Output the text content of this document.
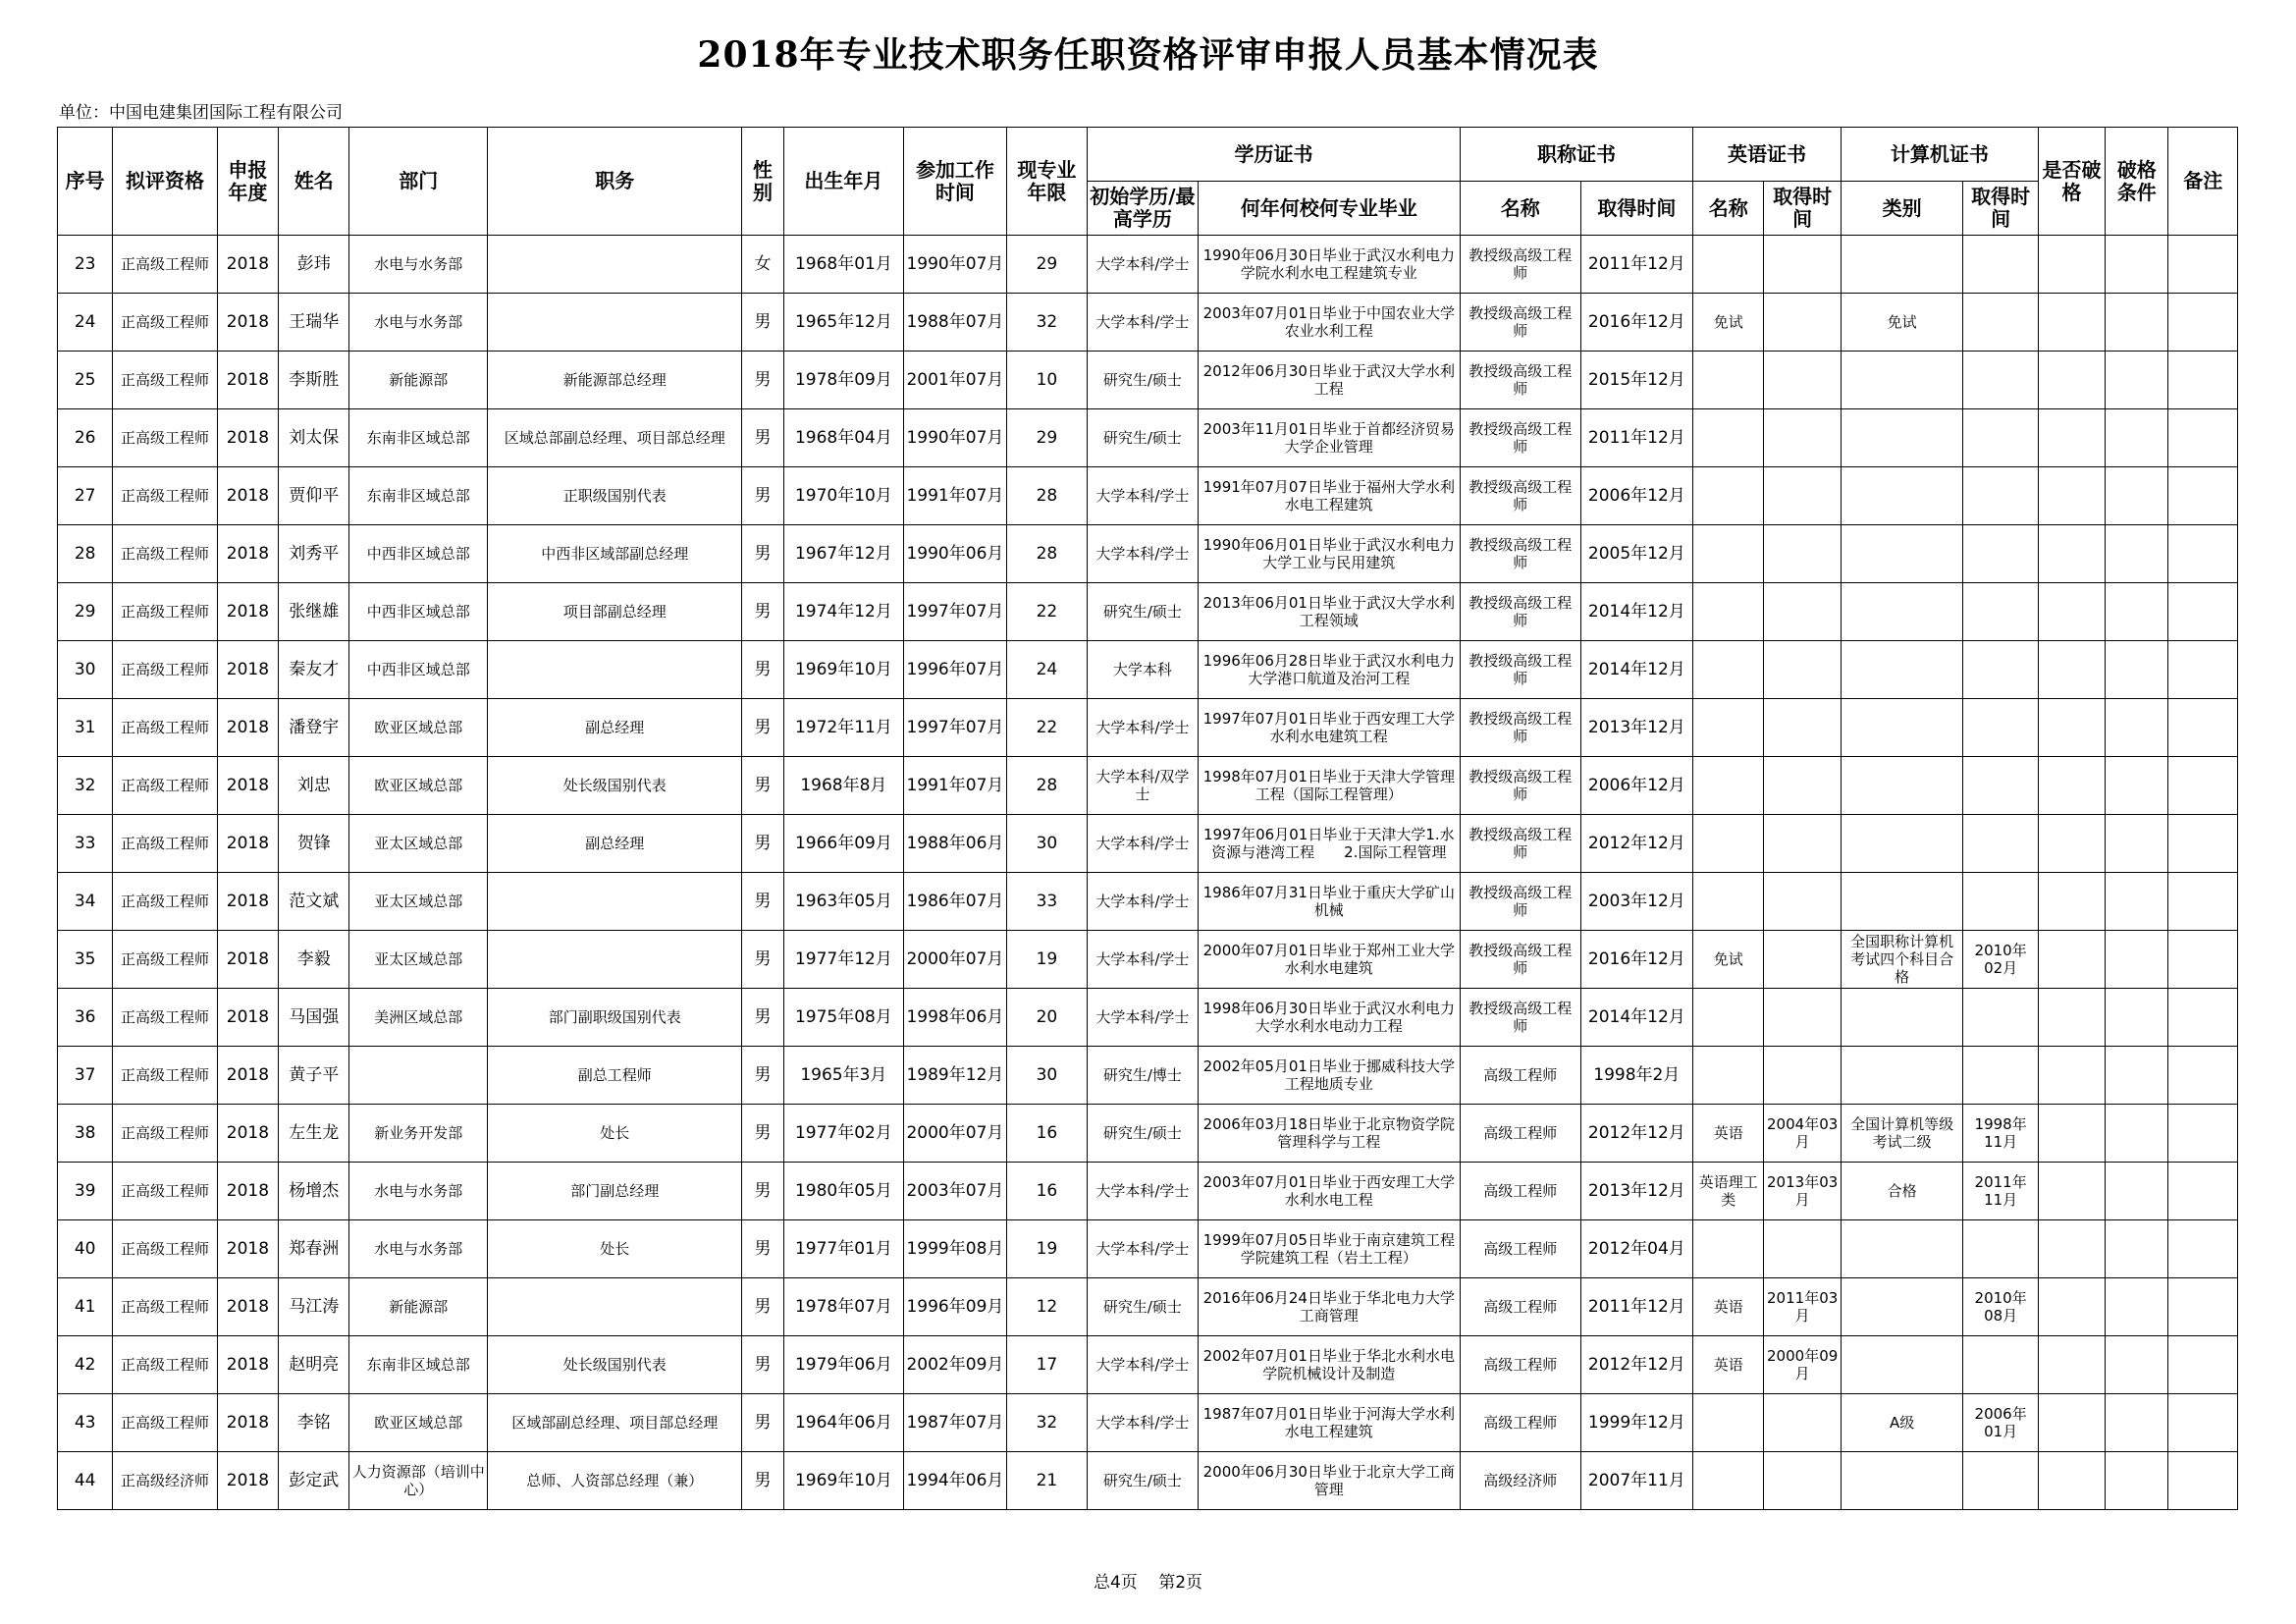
2018年专业技术职务任职资格评审申报人员基本情况表
单位：中国电建集团国际工程有限公司
序号	拟评资格	申报年度	姓名	部门	职务	性别	出生年月	参加工作时间	现专业年限	学历证书		职称证书		英语证书		计算机证书		是否破格	破格条件	备注
										初始学历/最高学历	何年何校何专业毕业	名称	取得时间	名称	取得时间	类别	取得时间			
23	正高级工程师	2018	彭玮	水电与水务部		女	1968年01月	1990年07月	29	大学本科/学士	1990年06月30日毕业于武汉水利电力学院水利水电工程建筑专业	教授级高级工程师	2011年12月							
24	正高级工程师	2018	王瑞华	水电与水务部		男	1965年12月	1988年07月	32	大学本科/学士	2003年07月01日毕业于中国农业大学农业水利工程	教授级高级工程师	2016年12月	免试		免试				
25	正高级工程师	2018	李斯胜	新能源部	新能源部总经理	男	1978年09月	2001年07月	10	研究生/硕士	2012年06月30日毕业于武汉大学水利工程	教授级高级工程师	2015年12月							
26	正高级工程师	2018	刘太保	东南非区域总部	区域总部副总经理、项目部总经理	男	1968年04月	1990年07月	29	研究生/硕士	2003年11月01日毕业于首都经济贸易大学企业管理	教授级高级工程师	2011年12月							
27	正高级工程师	2018	贾仰平	东南非区域总部	正职级国别代表	男	1970年10月	1991年07月	28	大学本科/学士	1991年07月07日毕业于福州大学水利水电工程建筑	教授级高级工程师	2006年12月							
28	正高级工程师	2018	刘秀平	中西非区域总部	中西非区域部副总经理	男	1967年12月	1990年06月	28	大学本科/学士	1990年06月01日毕业于武汉水利电力大学工业与民用建筑	教授级高级工程师	2005年12月							
29	正高级工程师	2018	张继雄	中西非区域总部	项目部副总经理	男	1974年12月	1997年07月	22	研究生/硕士	2013年06月01日毕业于武汉大学水利工程领域	教授级高级工程师	2014年12月							
30	正高级工程师	2018	秦友才	中西非区域总部		男	1969年10月	1996年07月	24	大学本科	1996年06月28日毕业于武汉水利电力大学港口航道及治河工程	教授级高级工程师	2014年12月							
31	正高级工程师	2018	潘登宇	欧亚区域总部	副总经理	男	1972年11月	1997年07月	22	大学本科/学士	1997年07月01日毕业于西安理工大学水利水电建筑工程	教授级高级工程师	2013年12月							
32	正高级工程师	2018	刘忠	欧亚区域总部	处长级国别代表	男	1968年8月	1991年07月	28	大学本科/双学士	1998年07月01日毕业于天津大学管理工程（国际工程管理）	教授级高级工程师	2006年12月							
33	正高级工程师	2018	贺锋	亚太区域总部	副总经理	男	1966年09月	1988年06月	30	大学本科/学士	1997年06月01日毕业于天津大学1.水资源与港湾工程　　2.国际工程管理	教授级高级工程师	2012年12月							
34	正高级工程师	2018	范文斌	亚太区域总部		男	1963年05月	1986年07月	33	大学本科/学士	1986年07月31日毕业于重庆大学矿山机械	教授级高级工程师	2003年12月							
35	正高级工程师	2018	李毅	亚太区域总部		男	1977年12月	2000年07月	19	大学本科/学士	2000年07月01日毕业于郑州工业大学水利水电建筑	教授级高级工程师	2016年12月	免试		全国职称计算机考试四个科目合格	2010年02月			
36	正高级工程师	2018	马国强	美洲区域总部	部门副职级国别代表	男	1975年08月	1998年06月	20	大学本科/学士	1998年06月30日毕业于武汉水利电力大学水利水电动力工程	教授级高级工程师	2014年12月							
37	正高级工程师	2018	黄子平		副总工程师	男	1965年3月	1989年12月	30	研究生/博士	2002年05月01日毕业于挪威科技大学工程地质专业	高级工程师	1998年2月							
38	正高级工程师	2018	左生龙	新业务开发部	处长	男	1977年02月	2000年07月	16	研究生/硕士	2006年03月18日毕业于北京物资学院管理科学与工程	高级工程师	2012年12月	英语	2004年03月	全国计算机等级考试二级	1998年11月			
39	正高级工程师	2018	杨增杰	水电与水务部	部门副总经理	男	1980年05月	2003年07月	16	大学本科/学士	2003年07月01日毕业于西安理工大学水利水电工程	高级工程师	2013年12月	英语理工类	2013年03月	合格	2011年11月			
40	正高级工程师	2018	郑春洲	水电与水务部	处长	男	1977年01月	1999年08月	19	大学本科/学士	1999年07月05日毕业于南京建筑工程学院建筑工程（岩土工程）	高级工程师	2012年04月							
41	正高级工程师	2018	马江涛	新能源部		男	1978年07月	1996年09月	12	研究生/硕士	2016年06月24日毕业于华北电力大学工商管理	高级工程师	2011年12月	英语	2011年03月		2010年08月			
42	正高级工程师	2018	赵明亮	东南非区域总部	处长级国别代表	男	1979年06月	2002年09月	17	大学本科/学士	2002年07月01日毕业于华北水利水电学院机械设计及制造	高级工程师	2012年12月	英语	2000年09月					
43	正高级工程师	2018	李铭	欧亚区域总部	区域部副总经理、项目部总经理	男	1964年06月	1987年07月	32	大学本科/学士	1987年07月01日毕业于河海大学水利水电工程建筑	高级工程师	1999年12月			A级	2006年01月			
44	正高级经济师	2018	彭定武	人力资源部（培训中心）	总师、人资部总经理（兼）	男	1969年10月	1994年06月	21	研究生/硕士	2000年06月30日毕业于北京大学工商管理	高级经济师	2007年11月							
总4页 第2页
